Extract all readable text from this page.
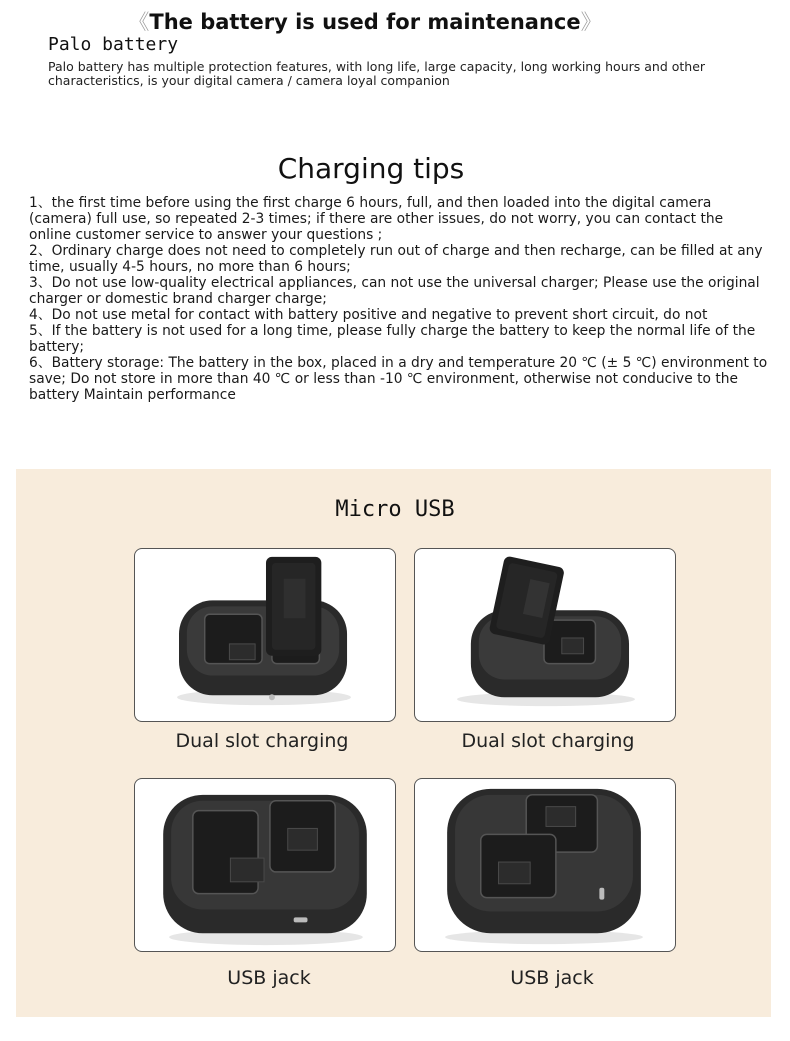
《The battery is used for maintenance》
Palo battery
Palo battery has multiple protection features, with long life, large capacity, long working hours and other characteristics, is your digital camera / camera loyal companion
Charging tips

1、the first time before using the first charge 6 hours, full, and then loaded into the digital camera (camera) full use, so repeated 2-3 times; if there are other issues, do not worry, you can contact the online customer service to answer your questions ;

2、Ordinary charge does not need to completely run out of charge and then recharge, can be filled at any time, usually 4-5 hours, no more than 6 hours;

3、Do not use low-quality electrical appliances, can not use the universal charger; Please use the original charger or domestic brand charger charge;

4、Do not use metal for contact with battery positive and negative to prevent short circuit, do not

5、If the battery is not used for a long time, please fully charge the battery to keep the normal life of the battery;

6、Battery storage: The battery in the box, placed in a dry and temperature 20 ℃ (± 5 ℃) environment to save; Do not store in more than 40 ℃ or less than -10 ℃ environment, otherwise not conducive to the battery Maintain performance

Micro USB
Dual slot charging	Dual slot charging
USB jack	USB jack
